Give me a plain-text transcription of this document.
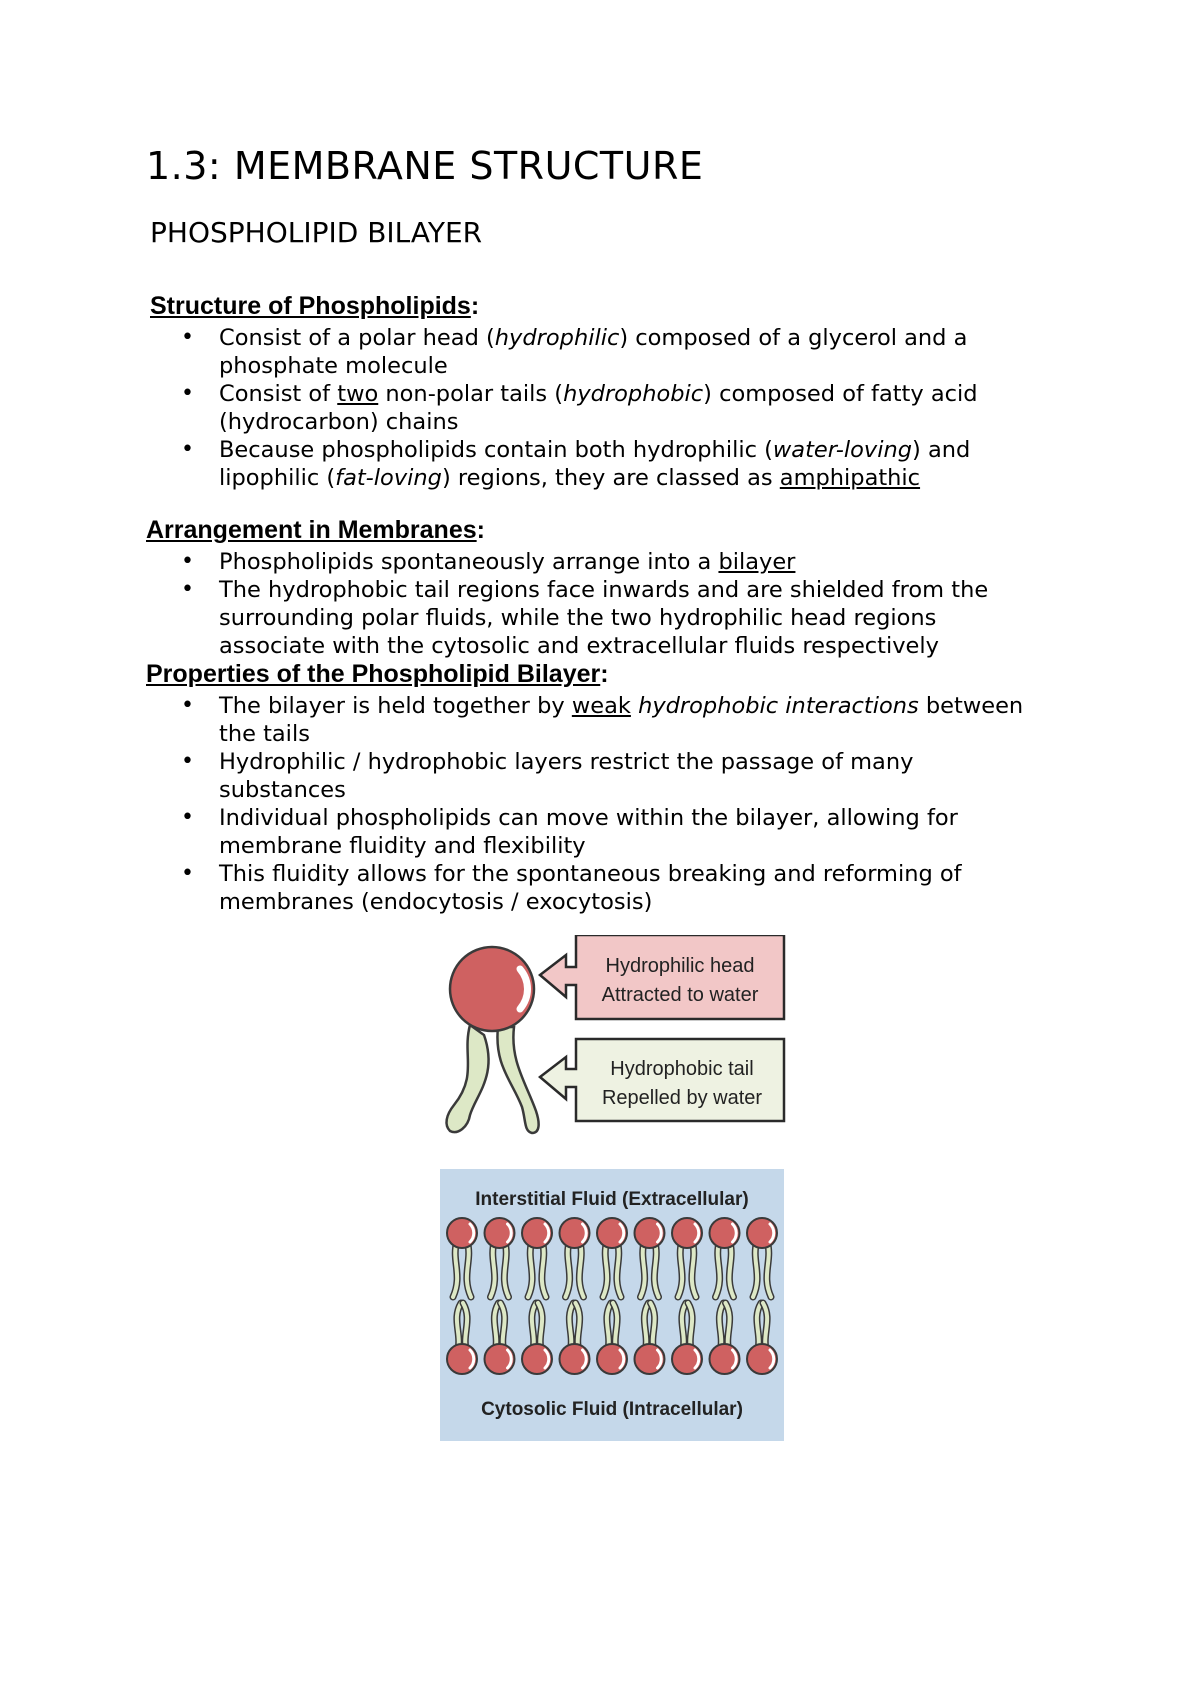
1.3: MEMBRANE STRUCTURE
PHOSPHOLIPID BILAYER

Structure of Phospholipids:

• Consist of a polar head (hydrophilic) composed of a glycerol and a phosphate molecule
• Consist of two non-polar tails (hydrophobic) composed of fatty acid (hydrocarbon) chains
• Because phospholipids contain both hydrophilic (water-loving) and lipophilic (fat-loving) regions, they are classed as amphipathic

Arrangement in Membranes:

• Phospholipids spontaneously arrange into a bilayer
• The hydrophobic tail regions face inwards and are shielded from the surrounding polar fluids, while the two hydrophilic head regions associate with the cytosolic and extracellular fluids respectively

Properties of the Phospholipid Bilayer:

• The bilayer is held together by weak hydrophobic interactions between the tails
• Hydrophilic / hydrophobic layers restrict the passage of many substances
• Individual phospholipids can move within the bilayer, allowing for membrane fluidity and flexibility
• This fluidity allows for the spontaneous breaking and reforming of membranes (endocytosis / exocytosis)
Hydrophilic head
Attracted to water
Hydrophobic tail
Repelled by water
Interstitial Fluid (Extracellular)
Cytosolic Fluid (Intracellular)
